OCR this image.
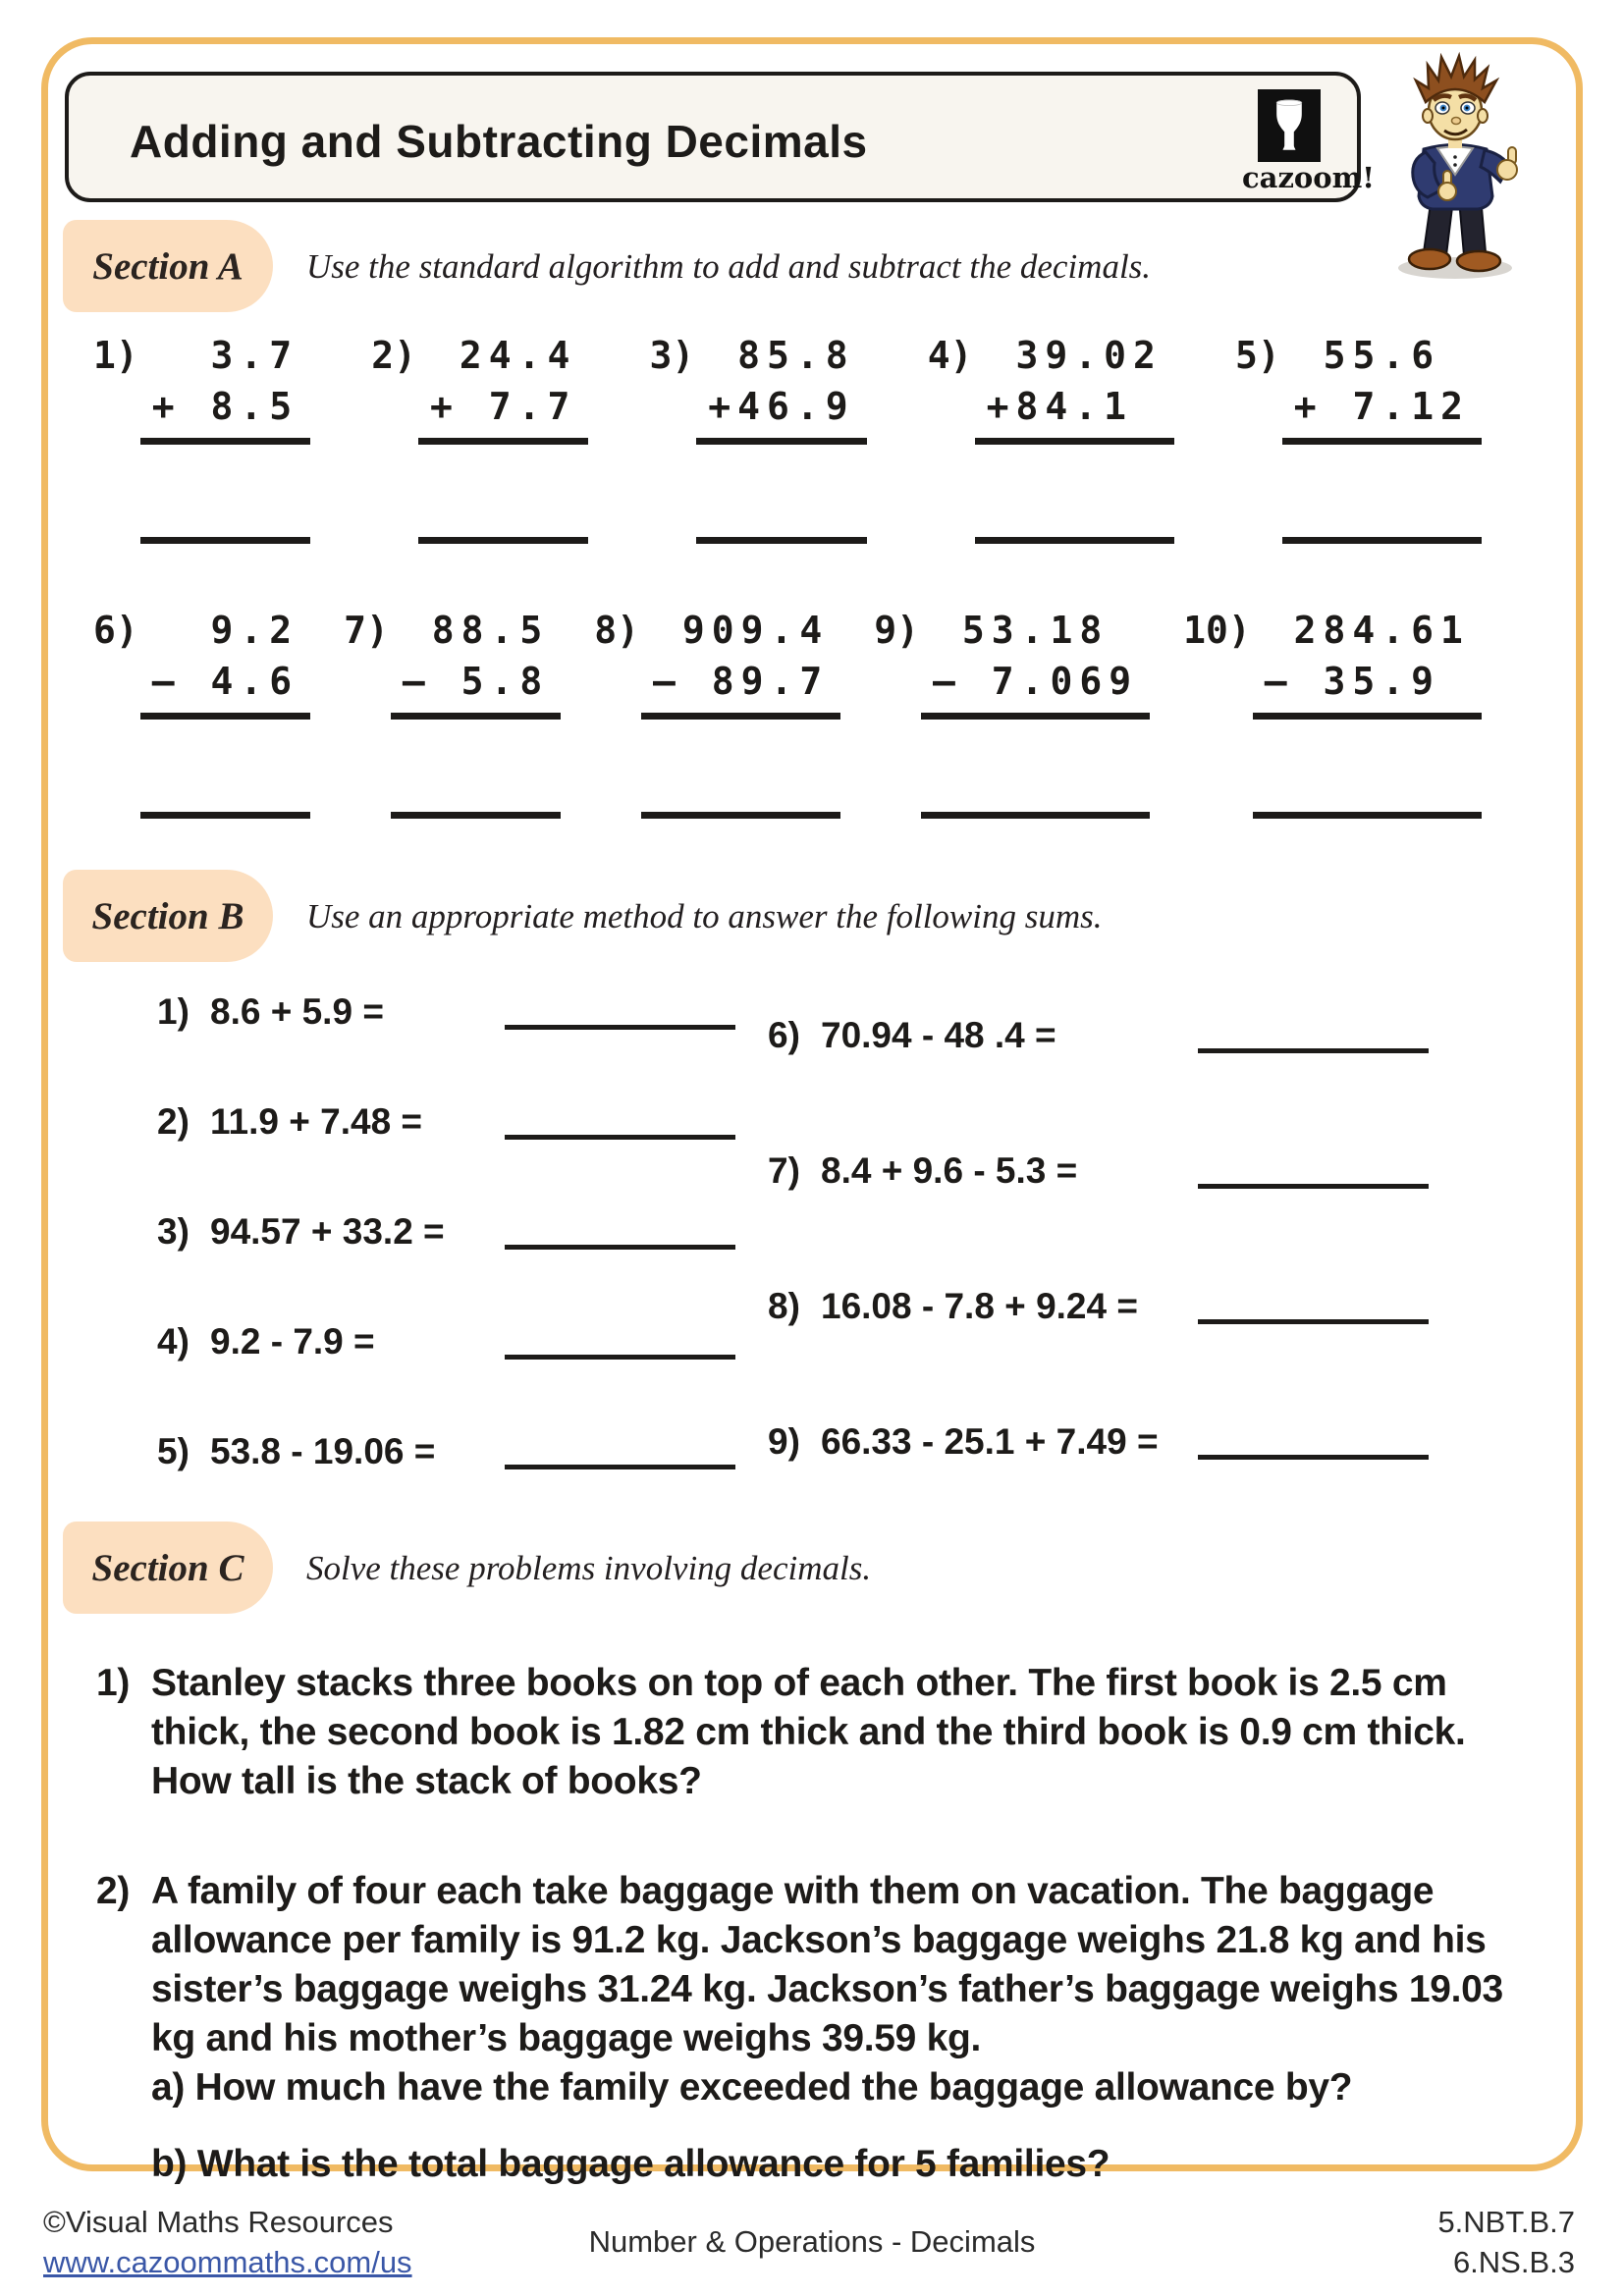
Adding and Subtracting Decimals
cazoom!
Section A Use the standard algorithm to add and subtract the decimals.
1)	3.7
+ 8.5
2)	24.4
+ 7.7
3)	85.8
+46.9
4)	39.02
+84.1
5)	55.6
+ 7.12
6)	9.2
– 4.6
7)	88.5
– 5.8
8)	909.4
– 89.7
9)	53.18
– 7.069
10)	284.61
– 35.9
Section B Use an appropriate method to answer the following sums.
1) 8.6 + 5.9 =
2) 11.9 + 7.48 =
3) 94.57 + 33.2 =
4) 9.2 - 7.9 =
5) 53.8 - 19.06 =
6) 70.94 - 48 .4 =
7) 8.4 + 9.6 - 5.3 =
8) 16.08 - 7.8 + 9.24 =
9) 66.33 - 25.1 + 7.49 =
Section C Solve these problems involving decimals.
1) Stanley stacks three books on top of each other. The first book is 2.5 cm thick, the second book is 1.82 cm thick and the third book is 0.9 cm thick. How tall is the stack of books?
2) A family of four each take baggage with them on vacation. The baggage allowance per family is 91.2 kg. Jackson’s baggage weighs 21.8 kg and his sister’s baggage weighs 31.24 kg. Jackson’s father’s baggage weighs 19.03 kg and his mother’s baggage weighs 39.59 kg.
a) How much have the family exceeded the baggage allowance by?
b) What is the total baggage allowance for 5 families?
©Visual Maths Resources
www.cazoommaths.com/us
Number & Operations - Decimals
5.NBT.B.7
6.NS.B.3
